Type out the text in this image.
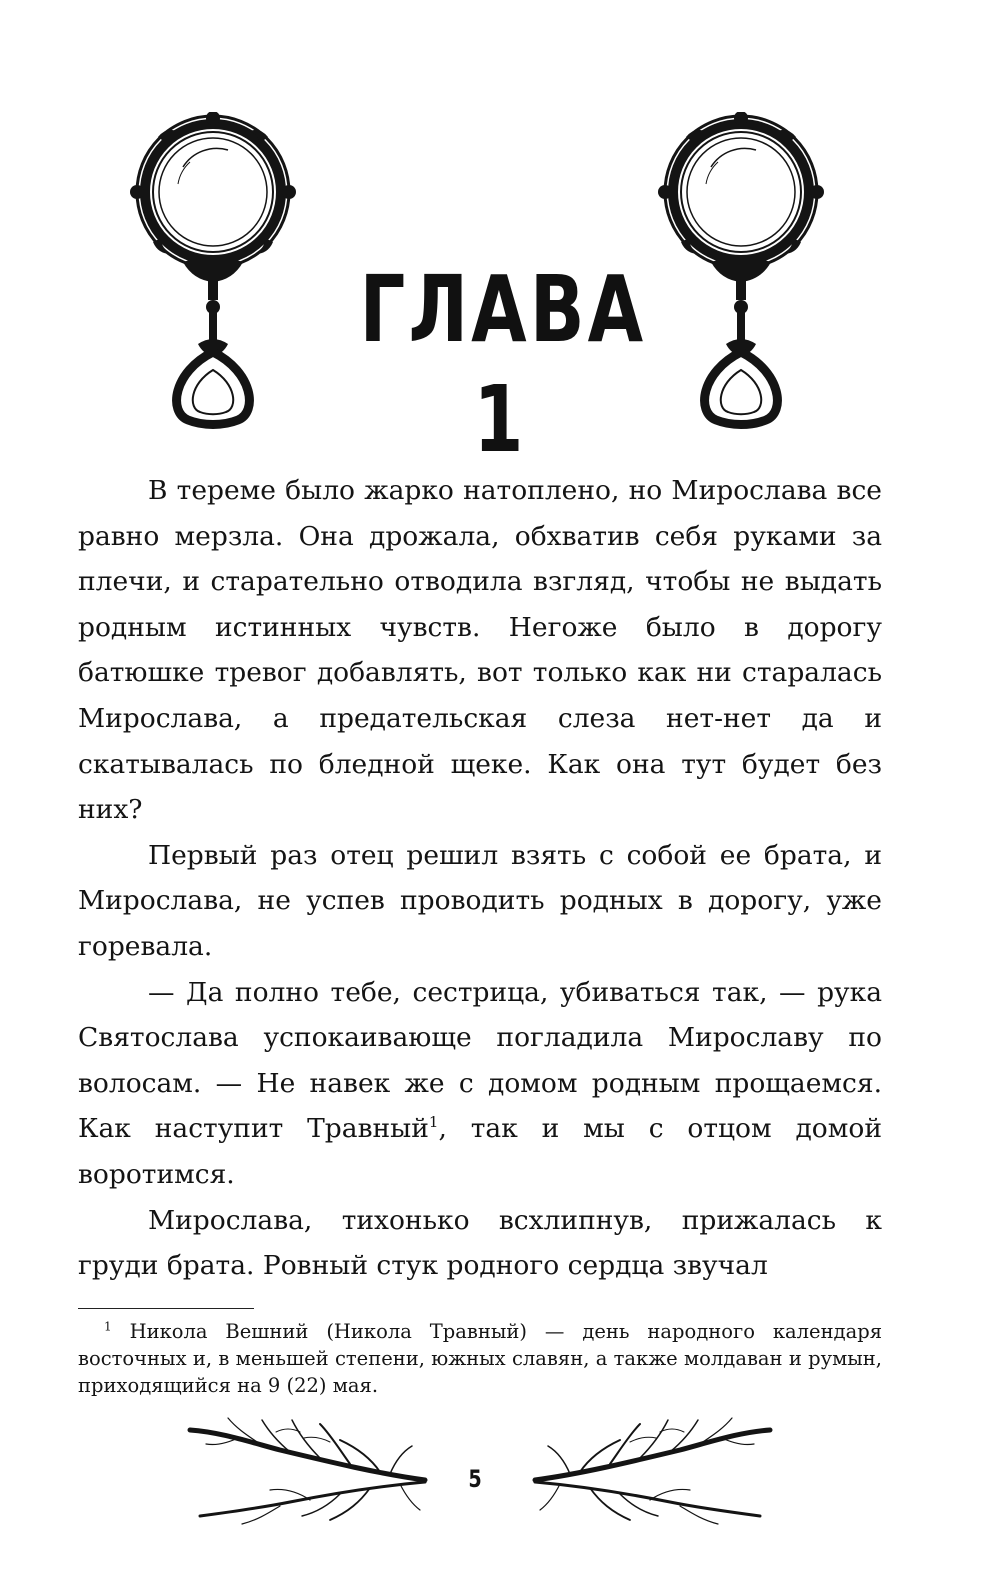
ГЛАВА 1

В тереме было жарко натоплено, но Мирослава все равно мерзла. Она дрожала, обхватив себя руками за плечи, и старательно отводила взгляд, чтобы не выдать родным истинных чувств. Негоже было в дорогу батюшке тревог добавлять, вот только как ни старалась Мирослава, а предательская слеза нет-нет да и скатывалась по бледной щеке. Как она тут будет без них?

Первый раз отец решил взять с собой ее брата, и Мирослава, не успев проводить родных в дорогу, уже горевала.

— Да полно тебе, сестрица, убиваться так, — рука Святослава успокаивающе погладила Мирославу по волосам. — Не навек же с домом родным прощаемся. Как наступит Травный$^1$, так и мы с отцом домой воротимся.

Мирослава, тихонько всхлипнув, прижалась к груди брата. Ровный стук родного сердца звучал

$^1$ Никола Вешний (Никола Травный) — день народного календаря восточных и, в меньшей степени, южных славян, а также молдаван и румын, приходящийся на 9 (22) мая.

5
